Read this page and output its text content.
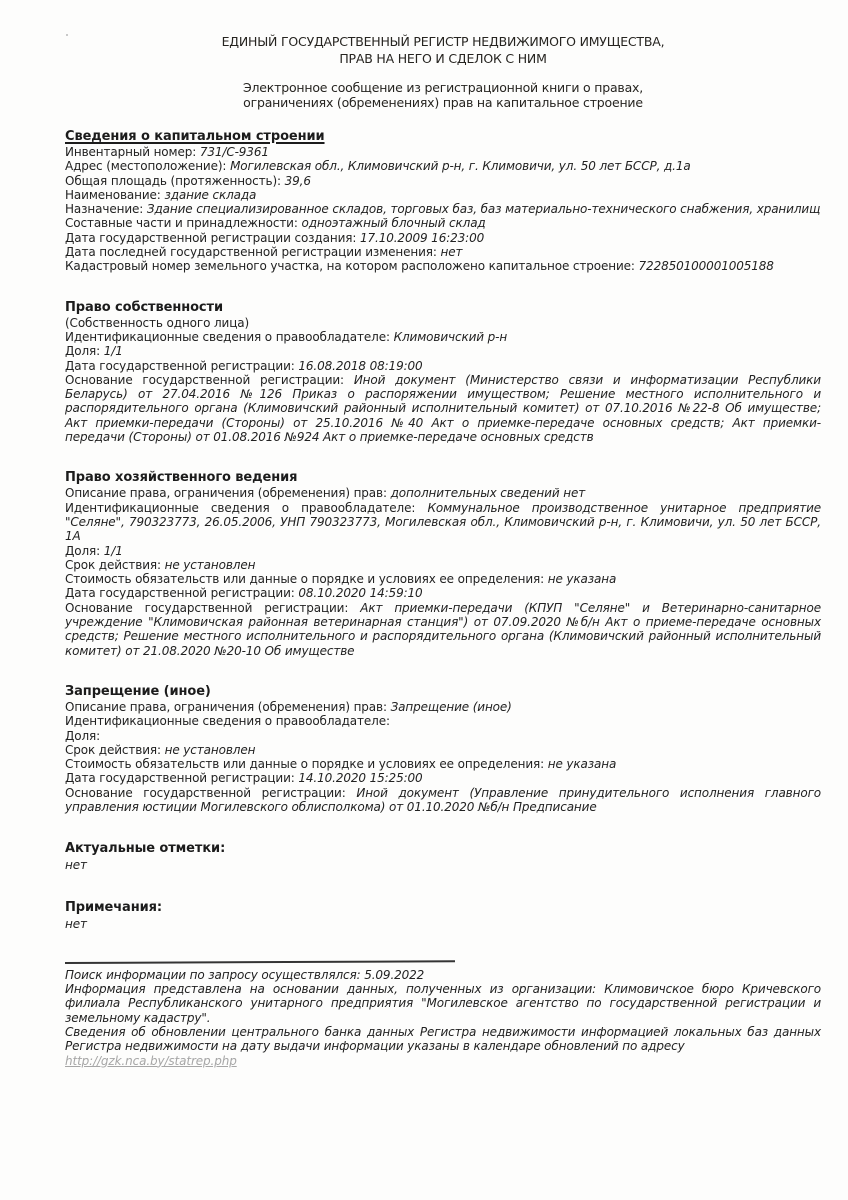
ЕДИНЫЙ ГОСУДАРСТВЕННЫЙ РЕГИСТР НЕДВИЖИМОГО ИМУЩЕСТВА,
ПРАВ НА НЕГО И СДЕЛОК С НИМ
Электронное сообщение из регистрационной книги о правах,
ограничениях (обременениях) прав на капитальное строение
Сведения о капитальном строении

Инвентарный номер: 731/С-9361

Адрес (местоположение): Могилевская обл., Климовичский р-н, г. Климовичи, ул. 50 лет БССР, д.1а

Общая площадь (протяженность): 39,6

Наименование: здание склада

Назначение: Здание специализированное складов, торговых баз, баз материально-технического снабжения, хранилищ

Составные части и принадлежности: одноэтажный блочный склад

Дата государственной регистрации создания: 17.10.2009 16:23:00

Дата последней государственной регистрации изменения: нет

Кадастровый номер земельного участка, на котором расположено капитальное строение: 722850100001005188

Право собственности

(Собственность одного лица)

Идентификационные сведения о правообладателе: Климовичский р-н

Доля: 1/1

Дата государственной регистрации: 16.08.2018 08:19:00

Основание государственной регистрации: Иной документ (Министерство связи и информатизации Республики Беларусь) от 27.04.2016 №126 Приказ о распоряжении имуществом; Решение местного исполнительного и распорядительного органа (Климовичский районный исполнительный комитет) от 07.10.2016 №22-8 Об имуществе; Акт приемки-передачи (Стороны) от 25.10.2016 №40 Акт о приемке-передаче основных средств; Акт приемки-передачи (Стороны) от 01.08.2016 №924 Акт о приемке-передаче основных средств

Право хозяйственного ведения

Описание права, ограничения (обременения) прав: дополнительных сведений нет

Идентификационные сведения о правообладателе: Коммунальное производственное унитарное предприятие "Селяне", 790323773, 26.05.2006, УНП 790323773, Могилевская обл., Климовичский р-н, г. Климовичи, ул. 50 лет БССР, 1А

Доля: 1/1

Срок действия: не установлен

Стоимость обязательств или данные о порядке и условиях ее определения: не указана

Дата государственной регистрации: 08.10.2020 14:59:10

Основание государственной регистрации: Акт приемки-передачи (КПУП "Селяне" и Ветеринарно-санитарное учреждение "Климовичская районная ветеринарная станция") от 07.09.2020 №б/н Акт о приеме-передаче основных средств; Решение местного исполнительного и распорядительного органа (Климовичский районный исполнительный комитет) от 21.08.2020 №20-10 Об имуществе

Запрещение (иное)

Описание права, ограничения (обременения) прав: Запрещение (иное)

Идентификационные сведения о правообладателе:

Доля:

Срок действия: не установлен

Стоимость обязательств или данные о порядке и условиях ее определения: не указана

Дата государственной регистрации: 14.10.2020 15:25:00

Основание государственной регистрации: Иной документ (Управление принудительного исполнения главного управления юстиции Могилевского облисполкома) от 01.10.2020 №б/н Предписание

Актуальные отметки:

нет

Примечания:

нет

Поиск информации по запросу осуществлялся: 5.09.2022

Информация представлена на основании данных, полученных из организации: Климовичское бюро Кричевского филиала Республиканского унитарного предприятия "Могилевское агентство по государственной регистрации и земельному кадастру".

Сведения об обновлении центрального банка данных Регистра недвижимости информацией локальных баз данных Регистра недвижимости на дату выдачи информации указаны в календаре обновлений по адресу

http://gzk.nca.by/statrep.php
